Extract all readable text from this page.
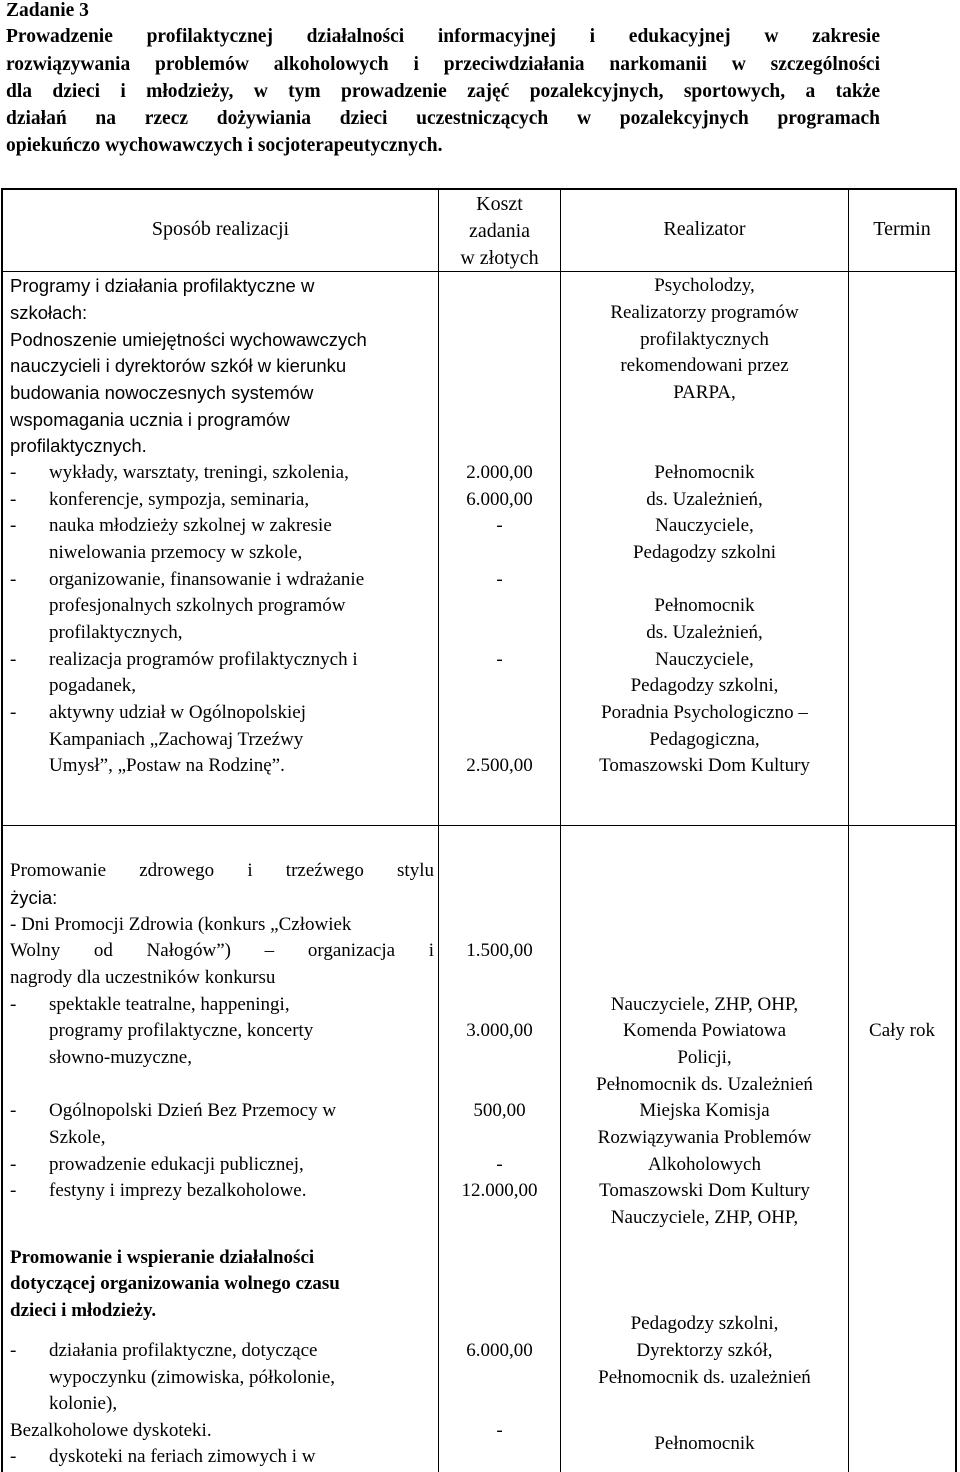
Zadanie 3
Prowadzenie profilaktycznej działalności informacyjnej i edukacyjnej w zakresie
rozwiązywania problemów alkoholowych i przeciwdziałania narkomanii w szczególności
dla dzieci i młodzieży, w tym prowadzenie zajęć pozalekcyjnych, sportowych, a także
działań na rzecz dożywiania dzieci uczestniczących w pozalekcyjnych programach
opiekuńczo wychowawczych i socjoterapeutycznych.
Sposób realizacji
Koszt
zadania
w złotych
Realizator	Termin
Programy i działania profilaktyczne w
szkołach:
Podnoszenie umiejętności wychowawczych
nauczycieli i dyrektorów szkół w kierunku
budowania nowoczesnych systemów
wspomagania ucznia i programów
profilaktycznych.
- wykłady, warsztaty, treningi, szkolenia,
- konferencje, sympozja, seminaria,
- nauka młodzieży szkolnej w zakresie
niwelowania przemocy w szkole,
- organizowanie, finansowanie i wdrażanie
profesjonalnych szkolnych programów
profilaktycznych,
- realizacja programów profilaktycznych i
pogadanek,
- aktywny udział w Ogólnopolskiej
Kampaniach „Zachowaj Trzeźwy
Umysł”, „Postaw na Rodzinę”.
2.000,00
6.000,00
-
-
-
2.500,00
Psycholodzy,
Realizatorzy programów
profilaktycznych
rekomendowani przez
PARPA,
Pełnomocnik
ds. Uzależnień,
Nauczyciele,
Pedagodzy szkolni
Pełnomocnik
ds. Uzależnień,
Nauczyciele,
Pedagodzy szkolni,
Poradnia Psychologiczno –
Pedagogiczna,
Tomaszowski Dom Kultury
Promowanie zdrowego i trzeźwego stylu
życia:
- Dni Promocji Zdrowia (konkurs „Człowiek
Wolny od Nałogów”) – organizacja i
nagrody dla uczestników konkursu
- spektakle teatralne, happeningi,
programy profilaktyczne, koncerty
słowno-muzyczne,
- Ogólnopolski Dzień Bez Przemocy w
Szkole,
- prowadzenie edukacji publicznej,
- festyny i imprezy bezalkoholowe.
1.500,00
3.000,00
500,00
-
12.000,00
Nauczyciele, ZHP, OHP,
Komenda Powiatowa
Policji,
Pełnomocnik ds. Uzależnień
Miejska Komisja
Rozwiązywania Problemów
Alkoholowych
Tomaszowski Dom Kultury
Nauczyciele, ZHP, OHP,
Cały rok
Promowanie i wspieranie działalności
dotyczącej organizowania wolnego czasu
dzieci i młodzieży.
- działania profilaktyczne, dotyczące
wypoczynku (zimowiska, półkolonie,
kolonie),
Bezalkoholowe dyskoteki.
- dyskoteki na feriach zimowych i w
6.000,00
-
Pedagodzy szkolni,
Dyrektorzy szkół,
Pełnomocnik ds. uzależnień
Pełnomocnik
